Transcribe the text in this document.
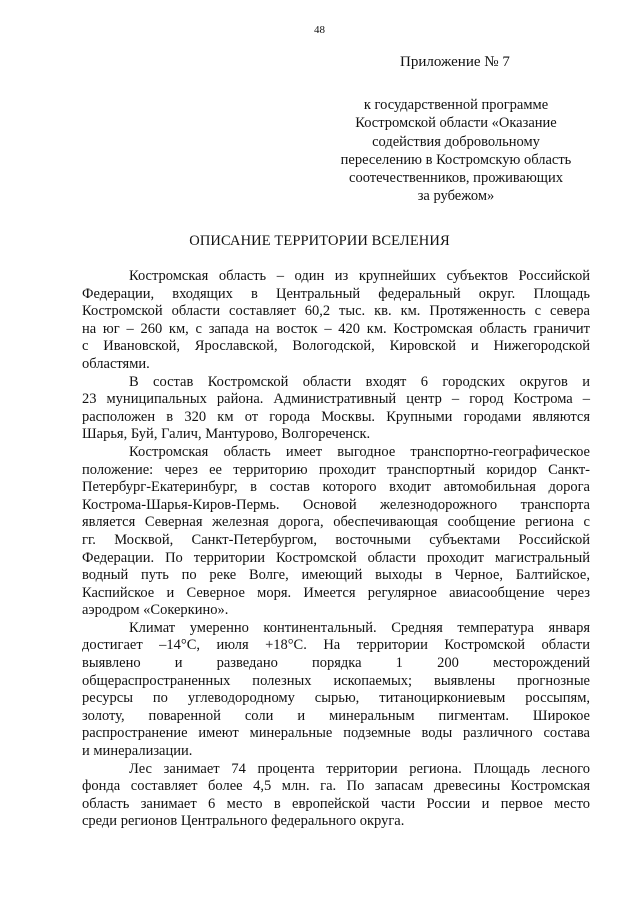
48
Приложение № 7
к государственной программе
Костромской области «Оказание
содействия добровольному
переселению в Костромскую область
соотечественников, проживающих
за рубежом»
ОПИСАНИЕ ТЕРРИТОРИИ ВСЕЛЕНИЯ
Костромская область – один из крупнейших субъектов Российской
Федерации, входящих в Центральный федеральный округ. Площадь
Костромской области составляет 60,2 тыс. кв. км. Протяженность с севера
на юг – 260 км, с запада на восток – 420 км. Костромская область граничит
с Ивановской, Ярославской, Вологодской, Кировской и Нижегородской
областями.
В состав Костромской области входят 6 городских округов и
23 муниципальных района. Административный центр – город Кострома –
расположен в 320 км от города Москвы. Крупными городами являются
Шарья, Буй, Галич, Мантурово, Волгореченск.
Костромская область имеет выгодное транспортно-географическое
положение: через ее территорию проходит транспортный коридор Санкт-
Петербург-Екатеринбург, в состав которого входит автомобильная дорога
Кострома-Шарья-Киров-Пермь. Основой железнодорожного транспорта
является Северная железная дорога, обеспечивающая сообщение региона с
гг. Москвой, Санкт-Петербургом, восточными субъектами Российской
Федерации. По территории Костромской области проходит магистральный
водный путь по реке Волге, имеющий выходы в Черное, Балтийское,
Каспийское и Северное моря. Имеется регулярное авиасообщение через
аэродром «Сокеркино».
Климат умеренно континентальный. Средняя температура января
достигает –14°С, июля +18°С. На территории Костромской области
выявлено и разведано порядка 1 200 месторождений
общераспространенных полезных ископаемых; выявлены прогнозные
ресурсы по углеводородному сырью, титаноциркониевым россыпям,
золоту, поваренной соли и минеральным пигментам. Широкое
распространение имеют минеральные подземные воды различного состава
и минерализации.
Лес занимает 74 процента территории региона. Площадь лесного
фонда составляет более 4,5 млн. га. По запасам древесины Костромская
область занимает 6 место в европейской части России и первое место
среди регионов Центрального федерального округа.
